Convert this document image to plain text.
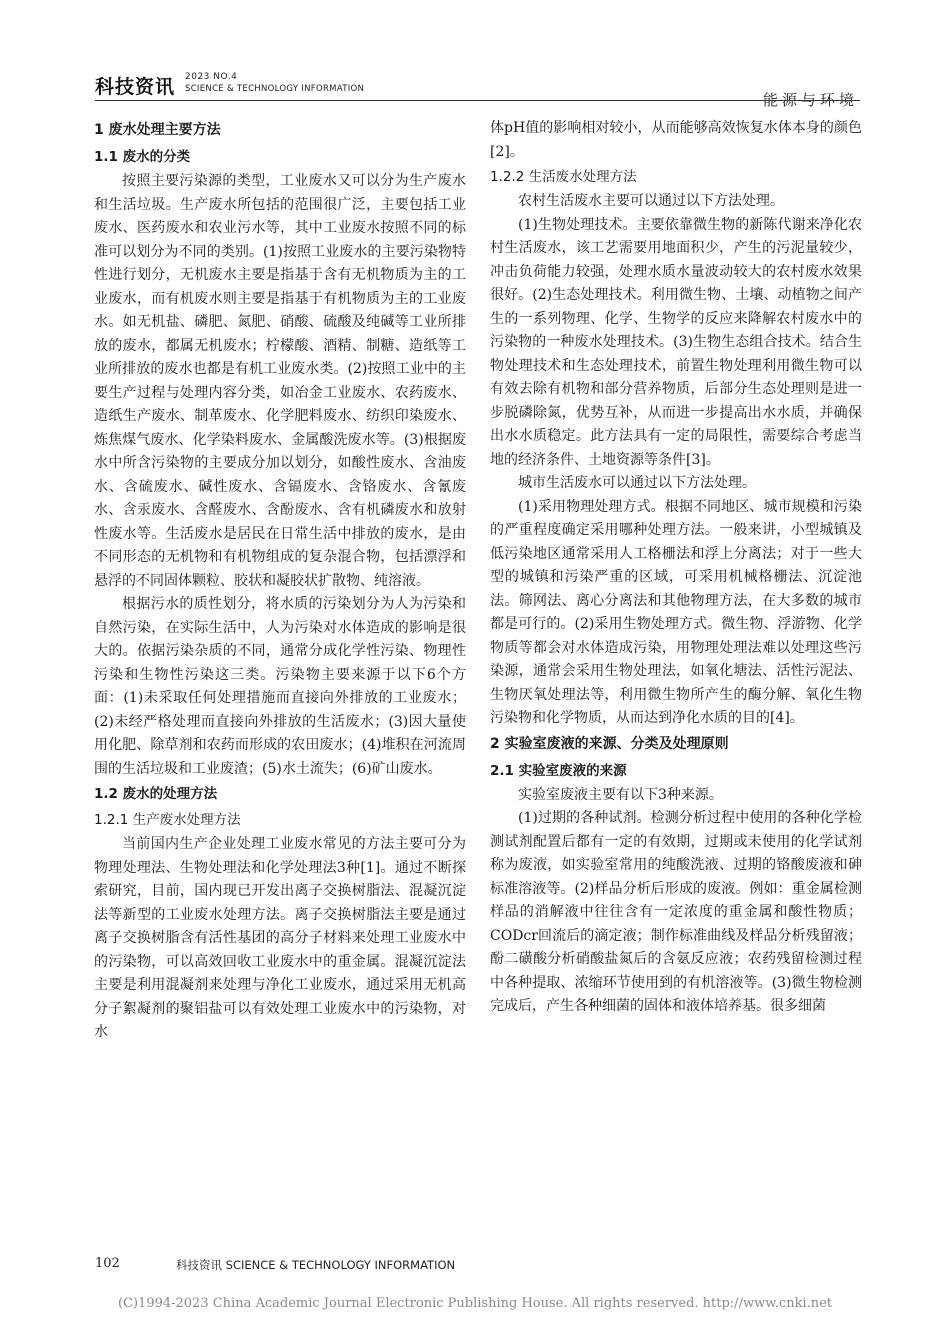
科技资讯 2023 NO.4
SCIENCE & TECHNOLOGY INFORMATION
能源与环境
1 废水处理主要方法
1.1 废水的分类

按照主要污染源的类型，工业废水又可以分为生产废水和生活垃圾。生产废水所包括的范围很广泛，主要包括工业废水、医药废水和农业污水等，其中工业废水按照不同的标准可以划分为不同的类别。(1)按照工业废水的主要污染物特性进行划分，无机废水主要是指基于含有无机物质为主的工业废水，而有机废水则主要是指基于有机物质为主的工业废水。如无机盐、磷肥、氮肥、硝酸、硫酸及纯碱等工业所排放的废水，都属无机废水；柠檬酸、酒精、制糖、造纸等工业所排放的废水也都是有机工业废水类。(2)按照工业中的主要生产过程与处理内容分类，如冶金工业废水、农药废水、造纸生产废水、制革废水、化学肥料废水、纺织印染废水、炼焦煤气废水、化学染料废水、金属酸洗废水等。(3)根据废水中所含污染物的主要成分加以划分，如酸性废水、含油废水、含硫废水、碱性废水、含镉废水、含铬废水、含氰废水、含汞废水、含醛废水、含酚废水、含有机磷废水和放射性废水等。生活废水是居民在日常生活中排放的废水，是由不同形态的无机物和有机物组成的复杂混合物，包括漂浮和悬浮的不同固体颗粒、胶状和凝胶状扩散物、纯溶液。

根据污水的质性划分，将水质的污染划分为人为污染和自然污染，在实际生活中，人为污染对水体造成的影响是很大的。依据污染杂质的不同，通常分成化学性污染、物理性污染和生物性污染这三类。污染物主要来源于以下6个方面：(1)未采取任何处理措施而直接向外排放的工业废水；(2)未经严格处理而直接向外排放的生活废水；(3)因大量使用化肥、除草剂和农药而形成的农田废水；(4)堆积在河流周围的生活垃圾和工业废渣；(5)水土流失；(6)矿山废水。

1.2 废水的处理方法
1.2.1 生产废水处理方法

当前国内生产企业处理工业废水常见的方法主要可分为物理处理法、生物处理法和化学处理法3种[1]。通过不断探索研究，目前，国内现已开发出离子交换树脂法、混凝沉淀法等新型的工业废水处理方法。离子交换树脂法主要是通过离子交换树脂含有活性基团的高分子材料来处理工业废水中的污染物，可以高效回收工业废水中的重金属。混凝沉淀法主要是利用混凝剂来处理与净化工业废水，通过采用无机高分子絮凝剂的聚铝盐可以有效处理工业废水中的污染物，对水

体pH值的影响相对较小，从而能够高效恢复水体本身的颜色[2]。

1.2.2 生活废水处理方法

农村生活废水主要可以通过以下方法处理。

(1)生物处理技术。主要依靠微生物的新陈代谢来净化农村生活废水，该工艺需要用地面积少，产生的污泥量较少，冲击负荷能力较强，处理水质水量波动较大的农村废水效果很好。(2)生态处理技术。利用微生物、土壤、动植物之间产生的一系列物理、化学、生物学的反应来降解农村废水中的污染物的一种废水处理技术。(3)生物生态组合技术。结合生物处理技术和生态处理技术，前置生物处理利用微生物可以有效去除有机物和部分营养物质，后部分生态处理则是进一步脱磷除氮，优势互补，从而进一步提高出水水质，并确保出水水质稳定。此方法具有一定的局限性，需要综合考虑当地的经济条件、土地资源等条件[3]。

城市生活废水可以通过以下方法处理。

(1)采用物理处理方式。根据不同地区、城市规模和污染的严重程度确定采用哪种处理方法。一般来讲，小型城镇及低污染地区通常采用人工格栅法和浮上分离法；对于一些大型的城镇和污染严重的区域，可采用机械格栅法、沉淀池法。筛网法、离心分离法和其他物理方法，在大多数的城市都是可行的。(2)采用生物处理方式。微生物、浮游物、化学物质等都会对水体造成污染，用物理处理法难以处理这些污染源，通常会采用生物处理法，如氧化塘法、活性污泥法、生物厌氧处理法等，利用微生物所产生的酶分解、氧化生物污染物和化学物质，从而达到净化水质的目的[4]。

2 实验室废液的来源、分类及处理原则
2.1 实验室废液的来源

实验室废液主要有以下3种来源。

(1)过期的各种试剂。检测分析过程中使用的各种化学检测试剂配置后都有一定的有效期，过期或未使用的化学试剂称为废液，如实验室常用的纯酸洗液、过期的铬酸废液和砷标准溶液等。(2)样品分析后形成的废液。例如：重金属检测样品的消解液中往往含有一定浓度的重金属和酸性物质；CODcr回流后的滴定液；制作标准曲线及样品分析残留液；酚二磺酸分析硝酸盐氮后的含氨反应液；农药残留检测过程中各种提取、浓缩环节使用到的有机溶液等。(3)微生物检测完成后，产生各种细菌的固体和液体培养基。很多细菌

102	科技资讯 SCIENCE & TECHNOLOGY INFORMATION
(C)1994-2023 China Academic Journal Electronic Publishing House. All rights reserved. http://www.cnki.net
